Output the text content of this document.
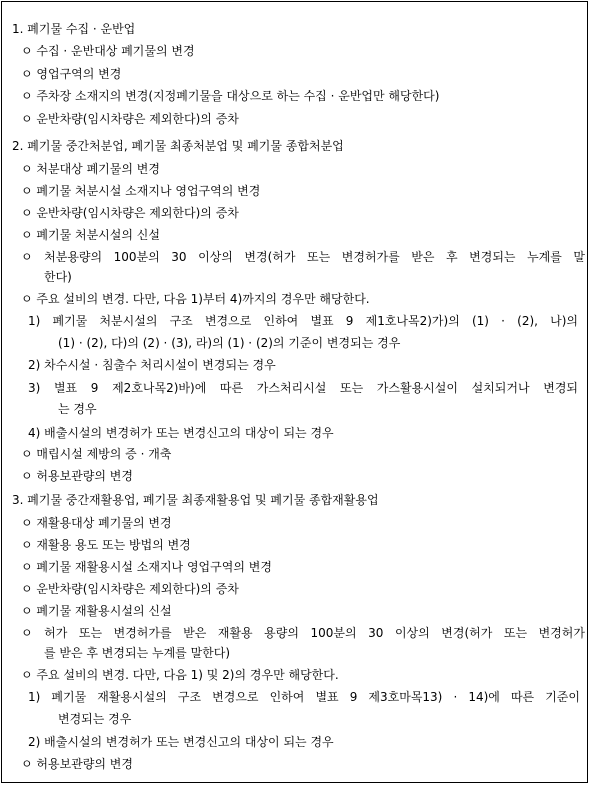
1. 폐기물 수집 · 운반업
ㅇ 수집 · 운반대상 폐기물의 변경
ㅇ 영업구역의 변경
ㅇ 주차장 소재지의 변경(지정폐기물을 대상으로 하는 수집 · 운반업만 해당한다)
ㅇ 운반차량(임시차량은 제외한다)의 증차
2. 폐기물 중간처분업, 폐기물 최종처분업 및 폐기물 종합처분업
ㅇ 처분대상 폐기물의 변경
ㅇ 폐기물 처분시설 소재지나 영업구역의 변경
ㅇ 운반차량(임시차량은 제외한다)의 증차
ㅇ 폐기물 처분시설의 신설
ㅇ 처분용량의 100분의 30 이상의 변경(허가 또는 변경허가를 받은 후 변경되는 누계를 말
한다)
ㅇ 주요 설비의 변경. 다만, 다음 1)부터 4)까지의 경우만 해당한다.
1) 폐기물 처분시설의 구조 변경으로 인하여 별표 9 제1호나목2)가)의 (1) · (2), 나)의
(1) · (2), 다)의 (2) · (3), 라)의 (1) · (2)의 기준이 변경되는 경우
2) 차수시설 · 침출수 처리시설이 변경되는 경우
3) 별표 9 제2호나목2)바)에 따른 가스처리시설 또는 가스활용시설이 설치되거나 변경되
는 경우
4) 배출시설의 변경허가 또는 변경신고의 대상이 되는 경우
ㅇ 매립시설 제방의 증 · 개축
ㅇ 허용보관량의 변경
3. 폐기물 중간재활용업, 폐기물 최종재활용업 및 폐기물 종합재활용업
ㅇ 재활용대상 폐기물의 변경
ㅇ 재활용 용도 또는 방법의 변경
ㅇ 폐기물 재활용시설 소재지나 영업구역의 변경
ㅇ 운반차량(임시차량은 제외한다)의 증차
ㅇ 폐기물 재활용시설의 신설
ㅇ 허가 또는 변경허가를 받은 재활용 용량의 100분의 30 이상의 변경(허가 또는 변경허가
를 받은 후 변경되는 누계를 말한다)
ㅇ 주요 설비의 변경. 다만, 다음 1) 및 2)의 경우만 해당한다.
1) 폐기물 재활용시설의 구조 변경으로 인하여 별표 9 제3호마목13) · 14)에 따른 기준이
변경되는 경우
2) 배출시설의 변경허가 또는 변경신고의 대상이 되는 경우
ㅇ 허용보관량의 변경
